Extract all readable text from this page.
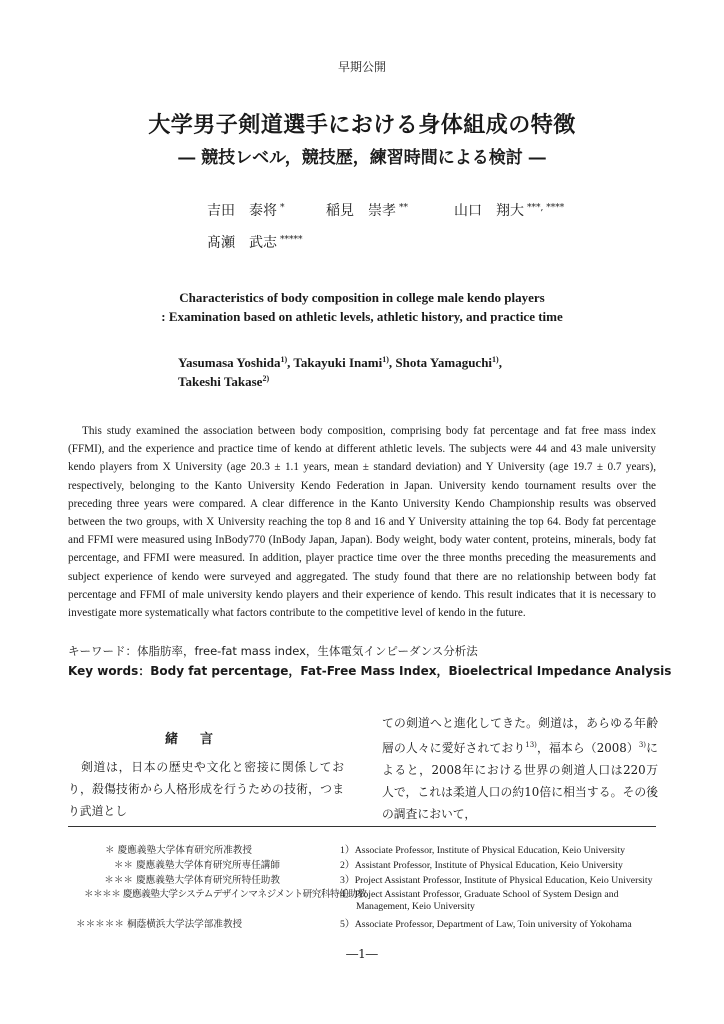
早期公開
大学男子剣道選手における身体組成の特徴
― 競技レベル，競技歴，練習時間による検討 ―
吉田　泰将 *	稲見　崇孝 **	山口　翔大 ***, ****
髙瀬　武志 *****
Characteristics of body composition in college male kendo players
: Examination based on athletic levels, athletic history, and practice time
Yasumasa Yoshida$^{1)}$, Takayuki Inami$^{1)}$, Shota Yamaguchi$^{1)}$,
Takeshi Takase$^{2)}$

This study examined the association between body composition, comprising body fat percentage and fat free mass index (FFMI), and the experience and practice time of kendo at different athletic levels. The subjects were 44 and 43 male university kendo players from X University (age 20.3 ± 1.1 years, mean ± standard deviation) and Y University (age 19.7 ± 0.7 years), respectively, belonging to the Kanto University Kendo Federation in Japan. University kendo tournament results over the preceding three years were compared. A clear difference in the Kanto University Kendo Championship results was observed between the two groups, with X University reaching the top 8 and 16 and Y University attaining the top 64. Body fat percentage and FFMI were measured using InBody770 (InBody Japan, Japan). Body weight, body water content, proteins, minerals, body fat percentage, and FFMI were measured. In addition, player practice time over the three months preceding the measurements and subject experience of kendo were surveyed and aggregated. The study found that there are no relationship between body fat percentage and FFMI of male university kendo players and their experience of kendo. This result indicates that it is necessary to investigate more systematically what factors contribute to the competitive level of kendo in the future.

キーワード：体脂肪率，free-fat mass index，生体電気インピーダンス分析法
Key words：Body fat percentage，Fat-Free Mass Index，Bioelectrical Impedance Analysis
緒言

剣道は，日本の歴史や文化と密接に関係しており，殺傷技術から人格形成を行うための技術，つまり武道とし

ての剣道へと進化してきた。剣道は，あらゆる年齢層の人々に愛好されており$^{13)}$，福本ら$(2008)^{3)}$によると，2008年における世界の剣道人口は220万人で，これは柔道人口の約10倍に相当する。その後の調査において，

＊ 慶應義塾大学体育研究所准教授
＊＊ 慶應義塾大学体育研究所専任講師
＊＊＊ 慶應義塾大学体育研究所特任助教
＊＊＊＊ 慶應義塾大学システムデザインマネジメント研究科特任助教
＊＊＊＊＊ 桐蔭横浜大学法学部准教授
1）Associate Professor, Institute of Physical Education, Keio University
2）Assistant Professor, Institute of Physical Education, Keio University
3）Project Assistant Professor, Institute of Physical Education, Keio University
4）Project Assistant Professor, Graduate School of System Design and
Management, Keio University
5）Associate Professor, Department of Law, Toin university of Yokohama
―1―
